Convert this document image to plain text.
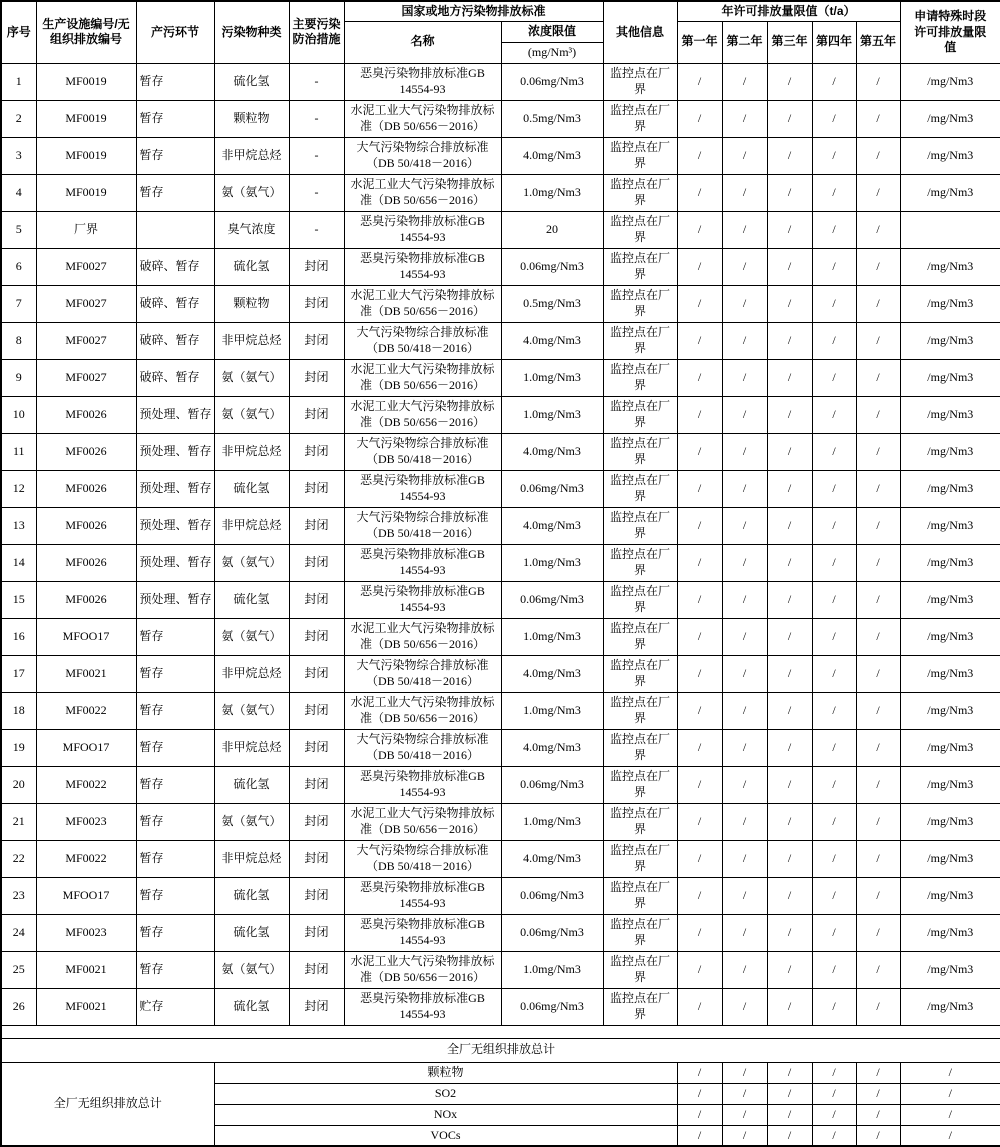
序号	生产设施编号/无组织排放编号	产污环节	污染物种类	主要污染防治措施	国家或地方污染物排放标准		其他信息	年许可排放量限值（t/a）					申请特殊时段许可排放量限值
					名称	浓度限值		第一年	第二年	第三年	第四年	第五年	
						(mg/Nm³)							
1	MF0019	暂存	硫化氢	-	恶臭污染物排放标准GB 14554-93	0.06mg/Nm3	监控点在厂界	/	/	/	/	/	/mg/Nm3
2	MF0019	暂存	颗粒物	-	水泥工业大气污染物排放标准（DB 50/656－2016）	0.5mg/Nm3	监控点在厂界	/	/	/	/	/	/mg/Nm3
3	MF0019	暂存	非甲烷总烃	-	大气污染物综合排放标准（DB 50/418－2016）	4.0mg/Nm3	监控点在厂界	/	/	/	/	/	/mg/Nm3
4	MF0019	暂存	氨（氨气）	-	水泥工业大气污染物排放标准（DB 50/656－2016）	1.0mg/Nm3	监控点在厂界	/	/	/	/	/	/mg/Nm3
5	厂界		臭气浓度	-	恶臭污染物排放标准GB 14554-93	20	监控点在厂界	/	/	/	/	/	
6	MF0027	破碎、暂存	硫化氢	封闭	恶臭污染物排放标准GB 14554-93	0.06mg/Nm3	监控点在厂界	/	/	/	/	/	/mg/Nm3
7	MF0027	破碎、暂存	颗粒物	封闭	水泥工业大气污染物排放标准（DB 50/656－2016）	0.5mg/Nm3	监控点在厂界	/	/	/	/	/	/mg/Nm3
8	MF0027	破碎、暂存	非甲烷总烃	封闭	大气污染物综合排放标准（DB 50/418－2016）	4.0mg/Nm3	监控点在厂界	/	/	/	/	/	/mg/Nm3
9	MF0027	破碎、暂存	氨（氨气）	封闭	水泥工业大气污染物排放标准（DB 50/656－2016）	1.0mg/Nm3	监控点在厂界	/	/	/	/	/	/mg/Nm3
10	MF0026	预处理、暂存	氨（氨气）	封闭	水泥工业大气污染物排放标准（DB 50/656－2016）	1.0mg/Nm3	监控点在厂界	/	/	/	/	/	/mg/Nm3
11	MF0026	预处理、暂存	非甲烷总烃	封闭	大气污染物综合排放标准（DB 50/418－2016）	4.0mg/Nm3	监控点在厂界	/	/	/	/	/	/mg/Nm3
12	MF0026	预处理、暂存	硫化氢	封闭	恶臭污染物排放标准GB 14554-93	0.06mg/Nm3	监控点在厂界	/	/	/	/	/	/mg/Nm3
13	MF0026	预处理、暂存	非甲烷总烃	封闭	大气污染物综合排放标准（DB 50/418－2016）	4.0mg/Nm3	监控点在厂界	/	/	/	/	/	/mg/Nm3
14	MF0026	预处理、暂存	氨（氨气）	封闭	恶臭污染物排放标准GB 14554-93	1.0mg/Nm3	监控点在厂界	/	/	/	/	/	/mg/Nm3
15	MF0026	预处理、暂存	硫化氢	封闭	恶臭污染物排放标准GB 14554-93	0.06mg/Nm3	监控点在厂界	/	/	/	/	/	/mg/Nm3
16	MFOO17	暂存	氨（氨气）	封闭	水泥工业大气污染物排放标准（DB 50/656－2016）	1.0mg/Nm3	监控点在厂界	/	/	/	/	/	/mg/Nm3
17	MF0021	暂存	非甲烷总烃	封闭	大气污染物综合排放标准（DB 50/418－2016）	4.0mg/Nm3	监控点在厂界	/	/	/	/	/	/mg/Nm3
18	MF0022	暂存	氨（氨气）	封闭	水泥工业大气污染物排放标准（DB 50/656－2016）	1.0mg/Nm3	监控点在厂界	/	/	/	/	/	/mg/Nm3
19	MFOO17	暂存	非甲烷总烃	封闭	大气污染物综合排放标准（DB 50/418－2016）	4.0mg/Nm3	监控点在厂界	/	/	/	/	/	/mg/Nm3
20	MF0022	暂存	硫化氢	封闭	恶臭污染物排放标准GB 14554-93	0.06mg/Nm3	监控点在厂界	/	/	/	/	/	/mg/Nm3
21	MF0023	暂存	氨（氨气）	封闭	水泥工业大气污染物排放标准（DB 50/656－2016）	1.0mg/Nm3	监控点在厂界	/	/	/	/	/	/mg/Nm3
22	MF0022	暂存	非甲烷总烃	封闭	大气污染物综合排放标准（DB 50/418－2016）	4.0mg/Nm3	监控点在厂界	/	/	/	/	/	/mg/Nm3
23	MFOO17	暂存	硫化氢	封闭	恶臭污染物排放标准GB 14554-93	0.06mg/Nm3	监控点在厂界	/	/	/	/	/	/mg/Nm3
24	MF0023	暂存	硫化氢	封闭	恶臭污染物排放标准GB 14554-93	0.06mg/Nm3	监控点在厂界	/	/	/	/	/	/mg/Nm3
25	MF0021	暂存	氨（氨气）	封闭	水泥工业大气污染物排放标准（DB 50/656－2016）	1.0mg/Nm3	监控点在厂界	/	/	/	/	/	/mg/Nm3
26	MF0021	贮存	硫化氢	封闭	恶臭污染物排放标准GB 14554-93	0.06mg/Nm3	监控点在厂界	/	/	/	/	/	/mg/Nm3

全厂无组织排放总计													
全厂无组织排放总计			颗粒物					/	/	/	/	/	/
			SO2					/	/	/	/	/	/
			NOx					/	/	/	/	/	/
			VOCs					/	/	/	/	/	/
